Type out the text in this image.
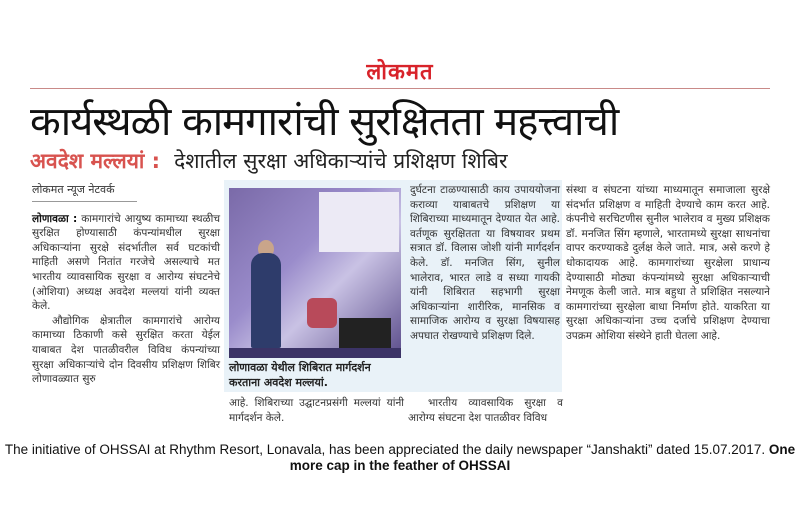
लोकमत
कार्यस्थळी कामगारांची सुरक्षितता महत्त्वाची
अवदेश मल्लयां : देशातील सुरक्षा अधिकाऱ्यांचे प्रशिक्षण शिबिर
लोकमत न्यूज नेटवर्क

लोणावळा : कामगारांचे आयुष्य कामाच्या स्थळीच सुरक्षित होण्यासाठी कंपन्यांमधील सुरक्षा अधिकाऱ्यांना सुरक्षे संदर्भातील सर्व घटकांची माहिती असणे नितांत गरजेचे असल्याचे मत भारतीय व्यावसायिक सुरक्षा व आरोग्य संघटनेचे (ओशिया) अध्यक्ष अवदेश मल्लयां यांनी व्यक्त केले.

औद्योगिक क्षेत्रातील कामगारांचे आरोग्य कामाच्या ठिकाणी कसे सुरक्षित करता येईल याबाबत देश पातळीवरील विविध कंपन्यांच्या सुरक्षा अधिकाऱ्यांचे दोन दिवसीय प्रशिक्षण शिबिर लोणावळ्यात सुरु

लोणावळा येथील शिबिरात मार्गदर्शन करताना अवदेश मल्लयां.
आहे. शिबिराच्या उद्घाटनप्रसंगी मल्लयां यांनी मार्गदर्शन केले.

दुर्घटना टाळण्यासाठी काय उपाययोजना कराव्या याबाबतचे प्रशिक्षण या शिबिराच्या माध्यमातून देण्यात येत आहे. वर्तणूक सुरक्षितता या विषयावर प्रथम सत्रात डॉ. विलास जोशी यांनी मार्गदर्शन केले. डॉ. मनजित सिंग, सुनील भालेराव, भारत लाडे व सध्या गायकी यांनी शिबिरात सहभागी सुरक्षा अधिकाऱ्यांना शारीरिक, मानसिक व सामाजिक आरोग्य व सुरक्षा विषयासह अपघात रोखण्याचे प्रशिक्षण दिले.

भारतीय व्यावसायिक सुरक्षा व आरोग्य संघटना देश पातळीवर विविध

संस्था व संघटना यांच्या माध्यमातून समाजाला सुरक्षे संदर्भात प्रशिक्षण व माहिती देण्याचे काम करत आहे. कंपनीचे सरचिटणीस सुनील भालेराव व मुख्य प्रशिक्षक डॉ. मनजित सिंग म्हणाले, भारतामध्ये सुरक्षा साधनांचा वापर करण्याकडे दुर्लक्ष केले जाते. मात्र, असे करणे हे धोकादायक आहे. कामगारांच्या सुरक्षेला प्राधान्य देण्यासाठी मोठ्या कंपन्यांमध्ये सुरक्षा अधिकाऱ्याची नेमणूक केली जाते. मात्र बहुधा ते प्रशिक्षित नसल्याने कामगारांच्या सुरक्षेला बाधा निर्माण होते. याकरिता या सुरक्षा अधिकाऱ्यांना उच्च दर्जाचे प्रशिक्षण देण्याचा उपक्रम ओशिया संस्थेने हाती घेतला आहे.

The initiative of OHSSAI at Rhythm Resort, Lonavala, has been appreciated the daily newspaper “Janshakti” dated 15.07.2017. One more cap in the feather of OHSSAI
